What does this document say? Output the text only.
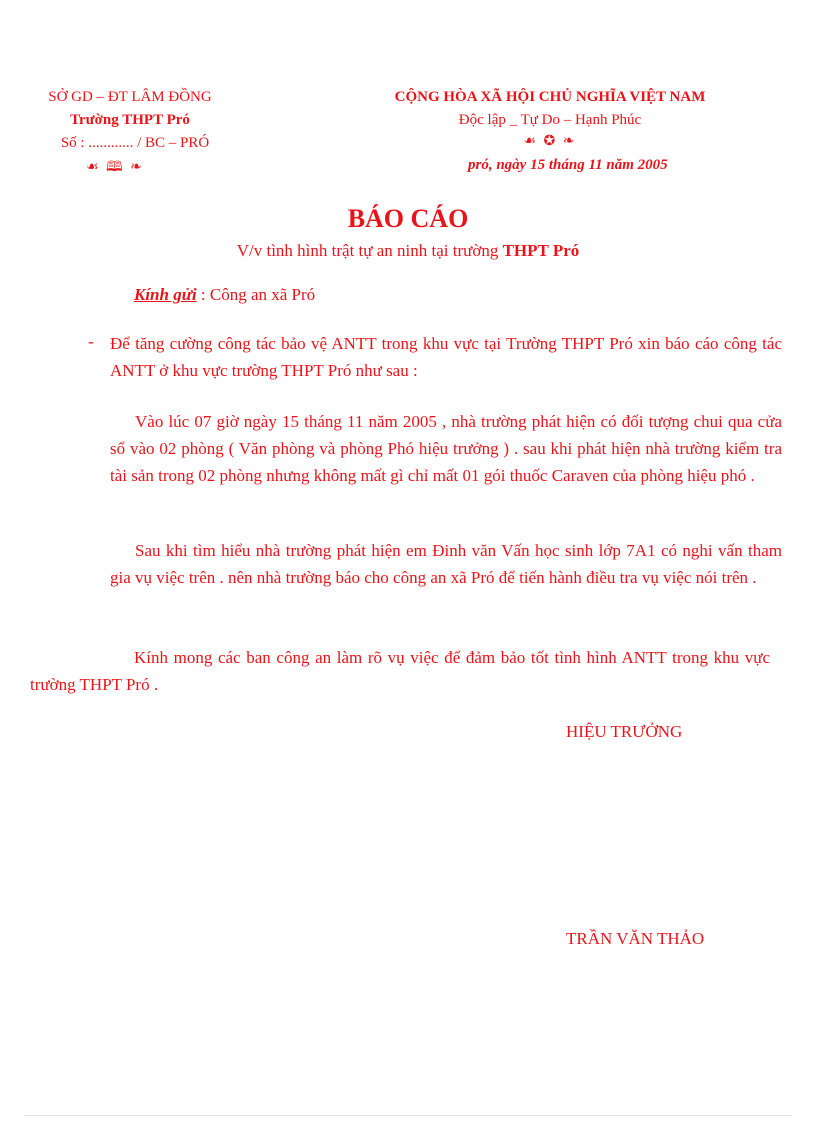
SỞ GD – ĐT LÂM ĐỒNG
Trường THPT Pró
Số : ............ / BC – PRÓ
☙ 🕮 ❧
CỘNG HÒA XÃ HỘI CHỦ NGHĨA VIỆT NAM
Độc lập _ Tự Do – Hạnh Phúc
☙ ✪ ❧
pró, ngày 15 tháng 11 năm 2005
BÁO CÁO
V/v tình hình trật tự an ninh tại trường THPT Pró
Kính gửi : Công an xã Pró
- Để tăng cường công tác bảo vệ ANTT trong khu vực tại Trường THPT Pró xin báo cáo công tác ANTT ở khu vực trường THPT Pró như sau :
Vào lúc 07 giờ ngày 15 tháng 11 năm 2005 , nhà trường phát hiện có đối tượng chui qua cửa sổ vào 02 phòng ( Văn phòng và phòng Phó hiệu trưởng ) . sau khi phát hiện nhà trường kiểm tra tài sản trong 02 phòng nhưng không mất gì chỉ mất 01 gói thuốc Caraven của phòng hiệu phó .
Sau khi tìm hiểu nhà trường phát hiện em Đinh văn Vấn học sinh lớp 7A1 có nghi vấn tham gia vụ việc trên . nên nhà trường báo cho công an xã Pró để tiến hành điều tra vụ việc nói trên .
Kính mong các ban công an làm rõ vụ việc để đảm bảo tốt tình hình ANTT trong khu vực trường THPT Pró .
HIỆU TRƯỞNG
TRẦN VĂN THẢO
